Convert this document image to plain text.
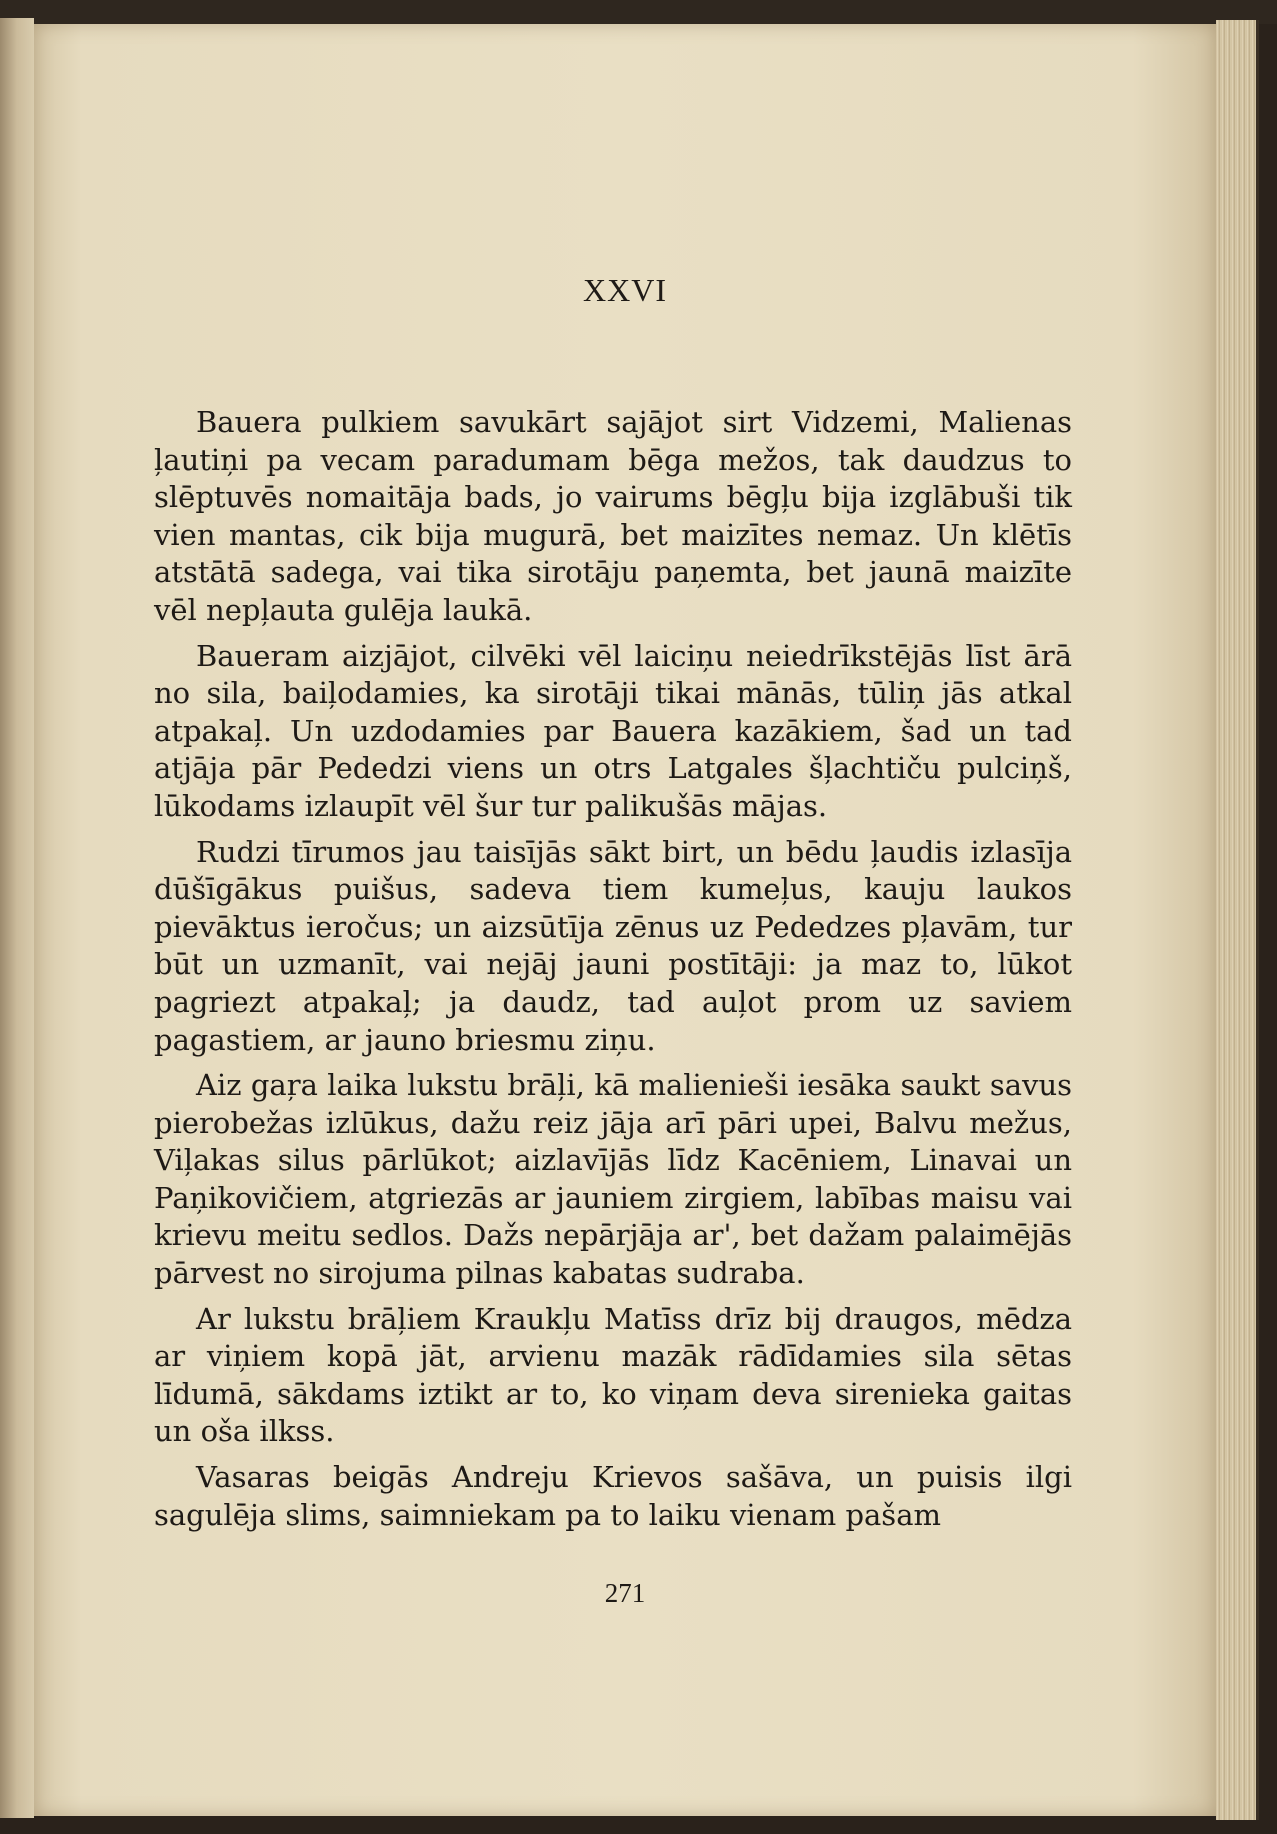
XXVI

Bauera pulkiem savukārt sajājot sirt Vidzemi, Malienas ļautiņi pa vecam paradumam bēga mežos, tak daudzus to slēptuvēs nomaitāja bads, jo vairums bēgļu bija izglābuši tik vien mantas, cik bija mugurā, bet maizītes nemaz. Un klētīs atstātā sadega, vai tika sirotāju paņemta, bet jaunā maizīte vēl nepļauta gulēja laukā.

Baueram aizjājot, cilvēki vēl laiciņu neiedrīkstējās līst ārā no sila, baiļodamies, ka sirotāji tikai mānās, tūliņ jās atkal atpakaļ. Un uzdodamies par Bauera kazākiem, šad un tad atjāja pār Pededzi viens un otrs Latgales šļachtiču pulciņš, lūkodams izlaupīt vēl šur tur palikušās mājas.

Rudzi tīrumos jau taisījās sākt birt, un bēdu ļaudis izlasīja dūšīgākus puišus, sadeva tiem kumeļus, kauju laukos pievāktus ieročus; un aizsūtīja zēnus uz Pededzes pļavām, tur būt un uzmanīt, vai nejāj jauni postītāji: ja maz to, lūkot pagriezt atpakaļ; ja daudz, tad auļot prom uz saviem pagastiem, ar jauno briesmu ziņu.

Aiz gaŗa laika lukstu brāļi, kā malienieši iesāka saukt savus pierobežas izlūkus, dažu reiz jāja arī pāri upei, Balvu mežus, Viļakas silus pārlūkot; aizlavījās līdz Kacēniem, Linavai un Paņikovičiem, atgriezās ar jauniem zirgiem, labības maisu vai krievu meitu sedlos. Dažs nepārjāja ar', bet dažam palaimējās pārvest no sirojuma pilnas kabatas sudraba.

Ar lukstu brāļiem Kraukļu Matīss drīz bij draugos, mēdza ar viņiem kopā jāt, arvienu mazāk rādīdamies sila sētas līdumā, sākdams iztikt ar to, ko viņam deva sirenieka gaitas un oša ilkss.

Vasaras beigās Andreju Krievos sašāva, un puisis ilgi sagulēja slims, saimniekam pa to laiku vienam pašam

271
